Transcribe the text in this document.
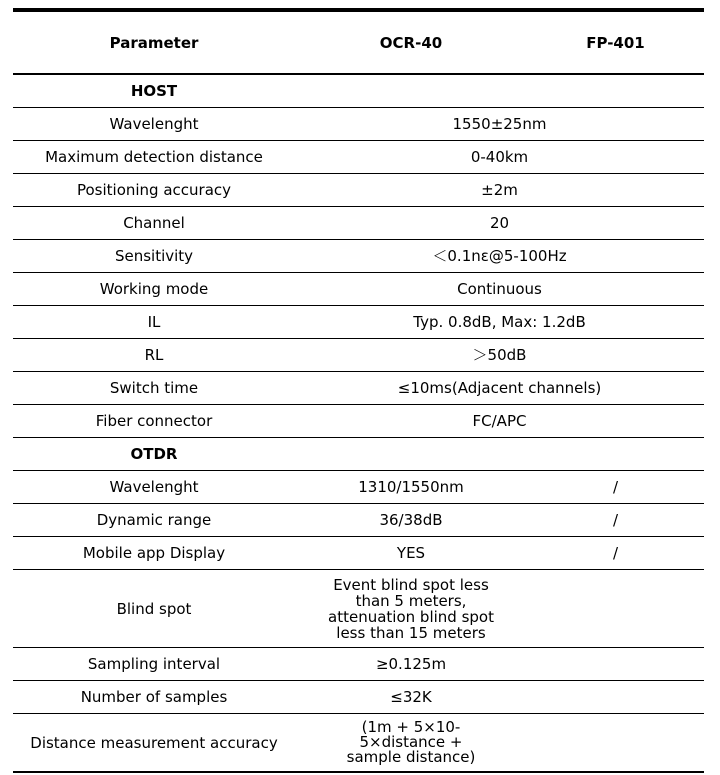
Parameter	OCR-40	FP-401
HOST		
Wavelenght	1550±25nm	
Maximum detection distance	0-40km	
Positioning accuracy	±2m	
Channel	20	
Sensitivity	＜0.1nε@5-100Hz	
Working mode	Continuous	
IL	Typ. 0.8dB, Max: 1.2dB	
RL	＞50dB	
Switch time	≤10ms(Adjacent channels)	
Fiber connector	FC/APC	
OTDR		
Wavelenght	1310/1550nm	/
Dynamic range	36/38dB	/
Mobile app Display	YES	/
Blind spot	Event blind spot less than 5 meters, attenuation blind spot less than 15 meters	
Sampling interval	≥0.125m	
Number of samples	≤32K	
Distance measurement accuracy	(1m + 5×10-5×distance + sample distance)	
